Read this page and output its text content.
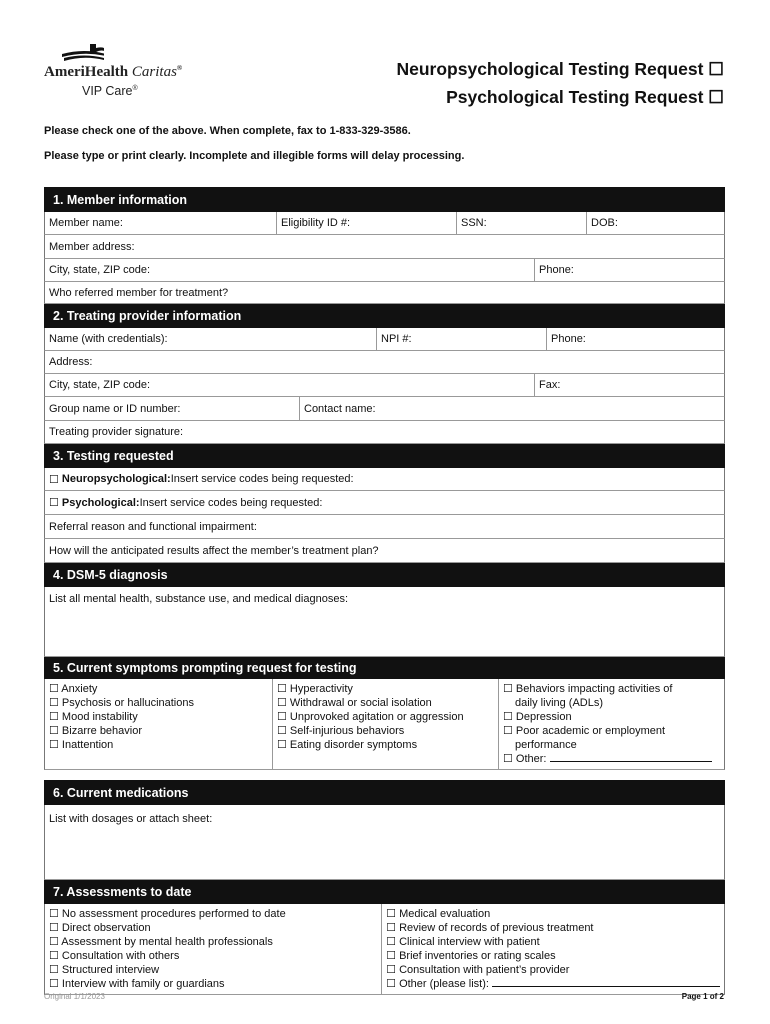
AmeriHealth Caritas®
VIP Care®
Neuropsychological Testing Request ☐
Psychological Testing Request ☐
Please check one of the above. When complete, fax to 1-833-329-3586.
Please type or print clearly. Incomplete and illegible forms will delay processing.
1. Member information
Member name:	Eligibility ID #:	SSN:	DOB:
Member address:
City, state, ZIP code:	Phone:
Who referred member for treatment?
2. Treating provider information
Name (with credentials):	NPI #:	Phone:
Address:
City, state, ZIP code:	Fax:
Group name or ID number:	Contact name:
Treating provider signature:
3. Testing requested
☐ Neuropsychological: Insert service codes being requested:
☐ Psychological: Insert service codes being requested:
Referral reason and functional impairment:
How will the anticipated results affect the member’s treatment plan?
4. DSM-5 diagnosis
List all mental health, substance use, and medical diagnoses:
5. Current symptoms prompting request for testing
☐ Anxiety
☐ Psychosis or hallucinations
☐ Mood instability
☐ Bizarre behavior
☐ Inattention
☐ Hyperactivity
☐ Withdrawal or social isolation
☐ Unprovoked agitation or aggression
☐ Self-injurious behaviors
☐ Eating disorder symptoms
☐ Behaviors impacting activities of
daily living (ADLs)
☐ Depression
☐ Poor academic or employment
performance
☐ Other:
6. Current medications
List with dosages or attach sheet:
7. Assessments to date
☐ No assessment procedures performed to date
☐ Direct observation
☐ Assessment by mental health professionals
☐ Consultation with others
☐ Structured interview
☐ Interview with family or guardians
☐ Medical evaluation
☐ Review of records of previous treatment
☐ Clinical interview with patient
☐ Brief inventories or rating scales
☐ Consultation with patient’s provider
☐ Other (please list):
Original 1/1/2023	Page 1 of 2
